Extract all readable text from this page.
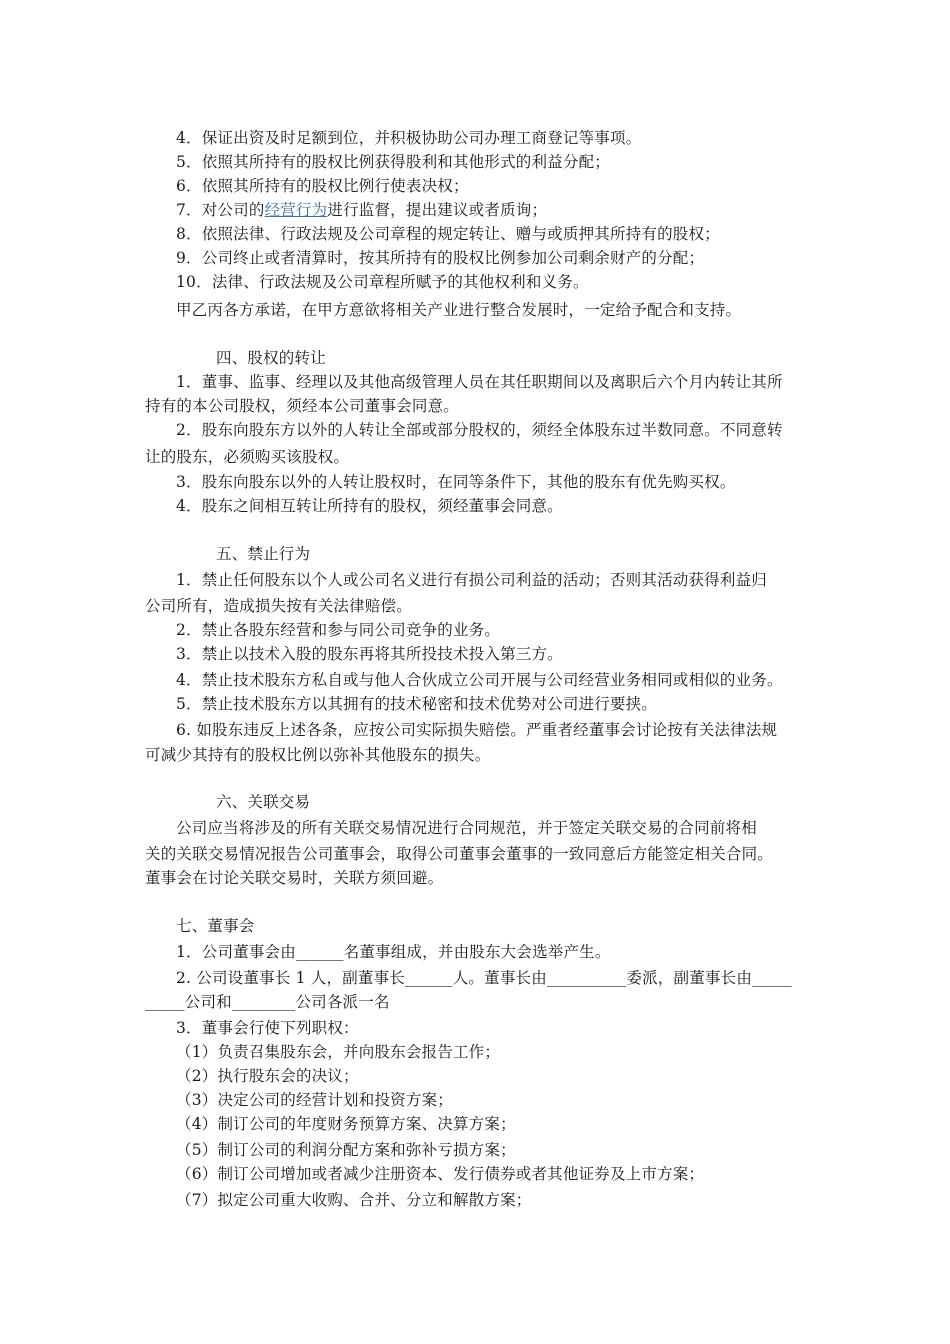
4．保证出资及时足额到位，并积极协助公司办理工商登记等事项。
5．依照其所持有的股权比例获得股利和其他形式的利益分配；
6．依照其所持有的股权比例行使表决权；
7．对公司的经营行为进行监督，提出建议或者质询；
8．依照法律、行政法规及公司章程的规定转让、赠与或质押其所持有的股权；
9．公司终止或者清算时，按其所持有的股权比例参加公司剩余财产的分配；
10．法律、行政法规及公司章程所赋予的其他权利和义务。
甲乙丙各方承诺，在甲方意欲将相关产业进行整合发展时，一定给予配合和支持。
四、股权的转让
1．董事、监事、经理以及其他高级管理人员在其任职期间以及离职后六个月内转让其所
持有的本公司股权，须经本公司董事会同意。
2．股东向股东方以外的人转让全部或部分股权的，须经全体股东过半数同意。不同意转
让的股东，必须购买该股权。
3．股东向股东以外的人转让股权时，在同等条件下，其他的股东有优先购买权。
4．股东之间相互转让所持有的股权，须经董事会同意。
五、禁止行为
1．禁止任何股东以个人或公司名义进行有损公司利益的活动；否则其活动获得利益归
公司所有，造成损失按有关法律赔偿。
2．禁止各股东经营和参与同公司竞争的业务。
3．禁止以技术入股的股东再将其所投技术投入第三方。
4．禁止技术股东方私自或与他人合伙成立公司开展与公司经营业务相同或相似的业务。
5．禁止技术股东方以其拥有的技术秘密和技术优势对公司进行要挟。
6. 如股东违反上述各条，应按公司实际损失赔偿。严重者经董事会讨论按有关法律法规
可减少其持有的股权比例以弥补其他股东的损失。
六、关联交易
公司应当将涉及的所有关联交易情况进行合同规范，并于签定关联交易的合同前将相
关的关联交易情况报告公司董事会，取得公司董事会董事的一致同意后方能签定相关合同。
董事会在讨论关联交易时，关联方须回避。
七、董事会
1．公司董事会由______名董事组成，并由股东大会选举产生。
2. 公司设董事长 1 人，副董事长______人。董事长由__________委派，副董事长由_____
_____公司和________公司各派一名
3．董事会行使下列职权：
（1）负责召集股东会，并向股东会报告工作；
（2）执行股东会的决议；
（3）决定公司的经营计划和投资方案；
（4）制订公司的年度财务预算方案、决算方案；
（5）制订公司的利润分配方案和弥补亏损方案；
（6）制订公司增加或者减少注册资本、发行债券或者其他证券及上市方案；
（7）拟定公司重大收购、合并、分立和解散方案；
